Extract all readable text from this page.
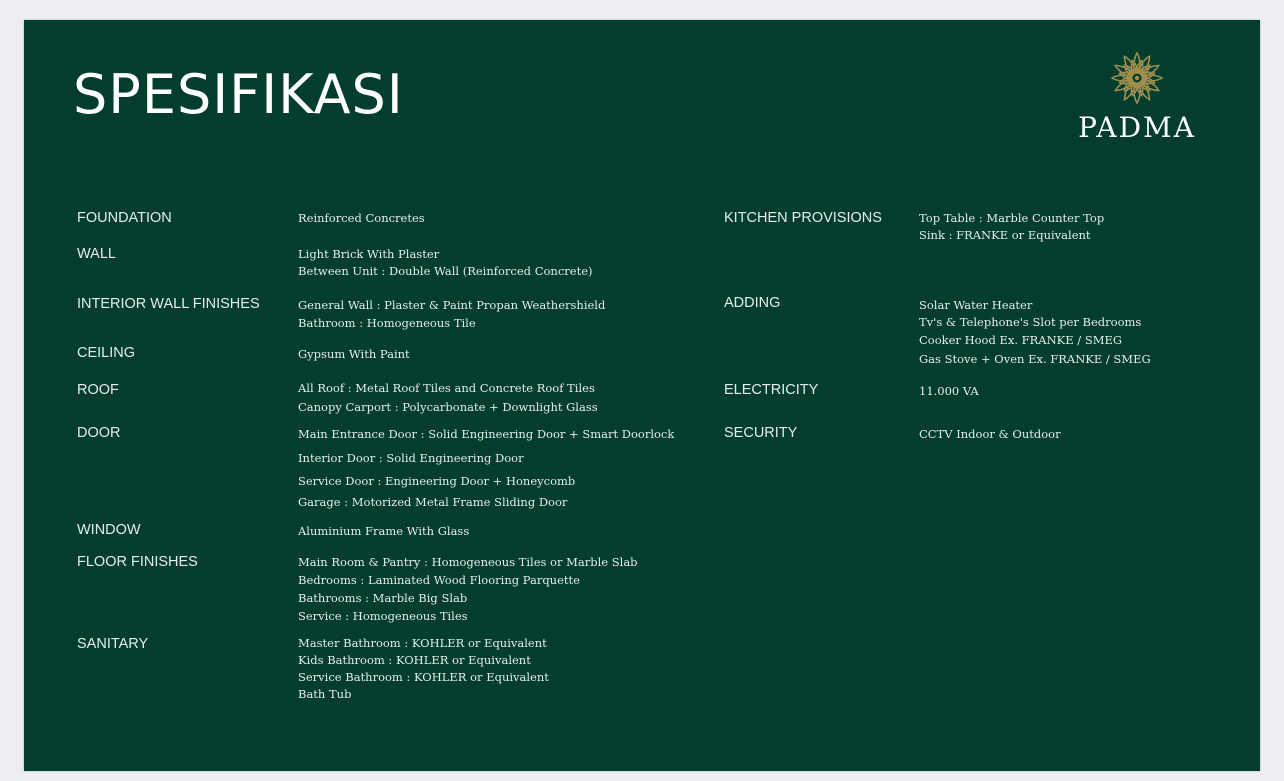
SPESIFIKASI
PADMA
FOUNDATION	Reinforced Concretes
WALL	Light Brick With Plaster
Between Unit : Double Wall (Reinforced Concrete)
INTERIOR WALL FINISHES	General Wall : Plaster & Paint Propan Weathershield
Bathroom : Homogeneous Tile
CEILING	Gypsum With Paint
ROOF	All Roof : Metal Roof Tiles and Concrete Roof Tiles
Canopy Carport : Polycarbonate + Downlight Glass
DOOR	Main Entrance Door : Solid Engineering Door + Smart Doorlock
Interior Door : Solid Engineering Door
Service Door : Engineering Door + Honeycomb
Garage : Motorized Metal Frame Sliding Door
WINDOW	Aluminium Frame With Glass
FLOOR FINISHES	Main Room & Pantry : Homogeneous Tiles or Marble Slab
Bedrooms : Laminated Wood Flooring Parquette
Bathrooms : Marble Big Slab
Service : Homogeneous Tiles
SANITARY	Master Bathroom : KOHLER or Equivalent
Kids Bathroom : KOHLER or Equivalent
Service Bathroom : KOHLER or Equivalent
Bath Tub
KITCHEN PROVISIONS	Top Table : Marble Counter Top
Sink : FRANKE or Equivalent
ADDING	Solar Water Heater
Tv's & Telephone's Slot per Bedrooms
Cooker Hood Ex. FRANKE / SMEG
Gas Stove + Oven Ex. FRANKE / SMEG
ELECTRICITY	11.000 VA
SECURITY	CCTV Indoor & Outdoor
